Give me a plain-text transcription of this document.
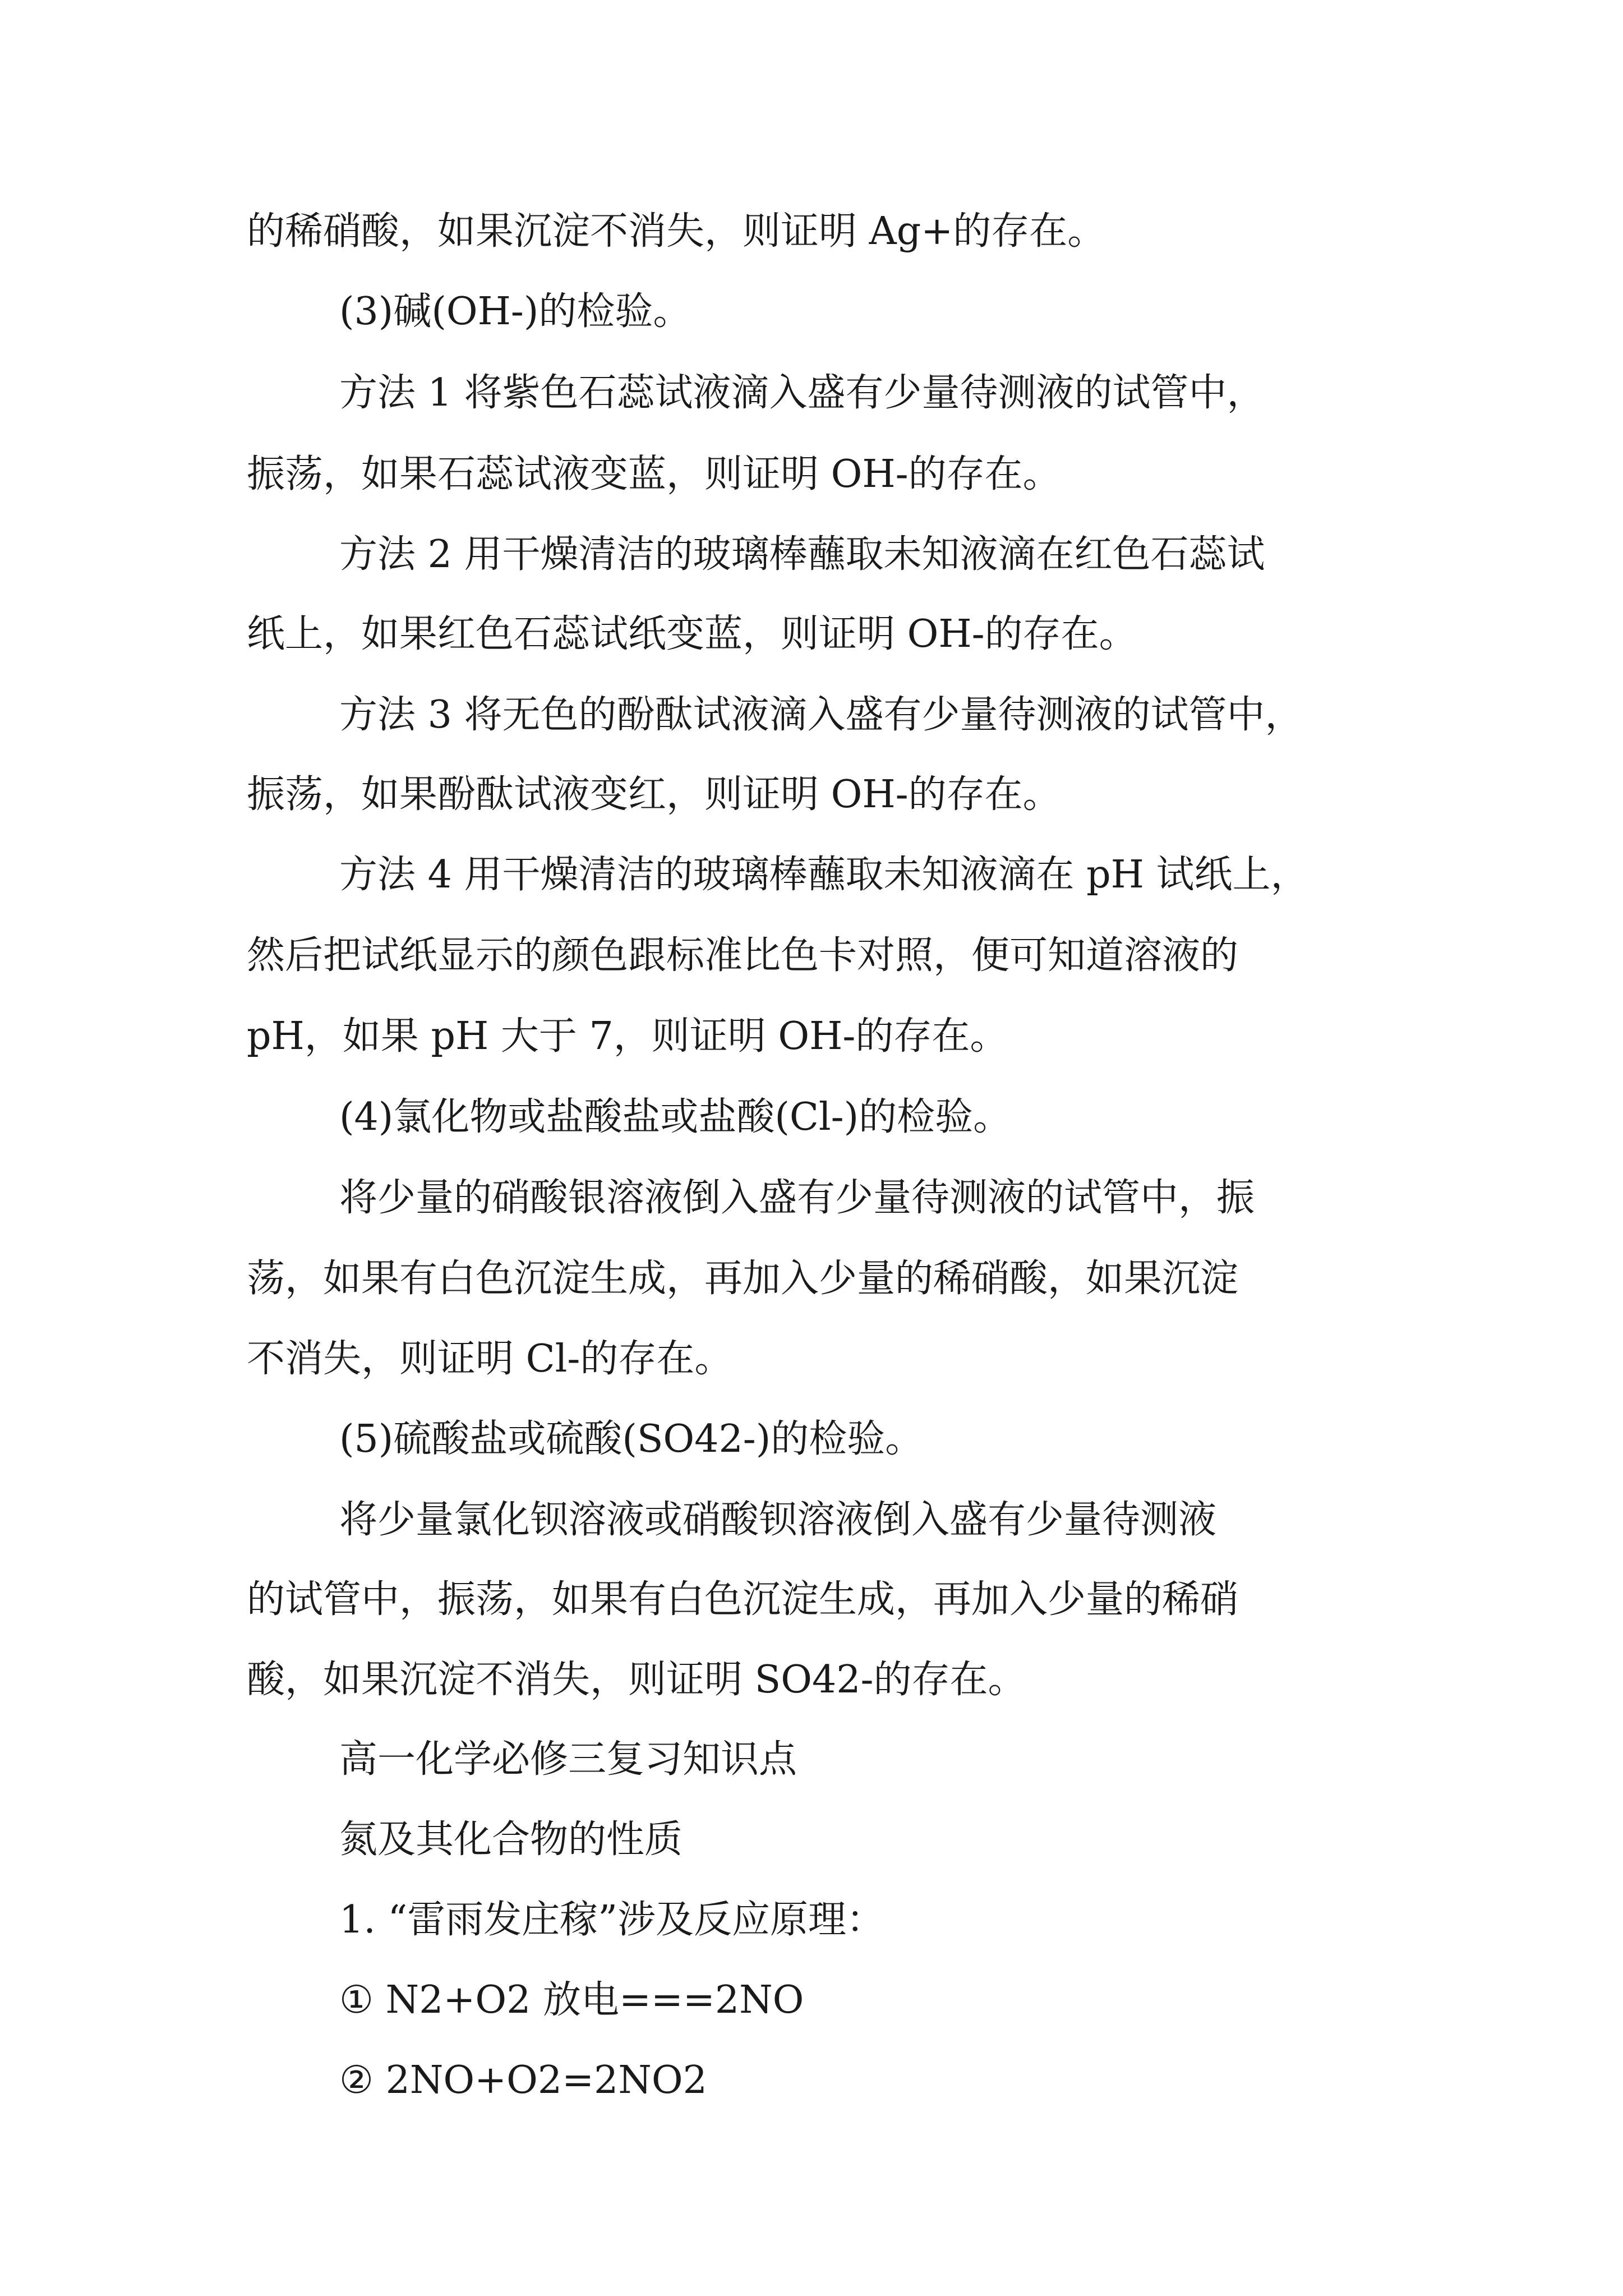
的稀硝酸，如果沉淀不消失，则证明 Ag+的存在。
(3)碱(OH-)的检验。
方法 1 将紫色石蕊试液滴入盛有少量待测液的试管中，
振荡，如果石蕊试液变蓝，则证明 OH-的存在。
方法 2 用干燥清洁的玻璃棒蘸取未知液滴在红色石蕊试
纸上，如果红色石蕊试纸变蓝，则证明 OH-的存在。
方法 3 将无色的酚酞试液滴入盛有少量待测液的试管中，
振荡，如果酚酞试液变红，则证明 OH-的存在。
方法 4 用干燥清洁的玻璃棒蘸取未知液滴在 pH 试纸上，
然后把试纸显示的颜色跟标准比色卡对照，便可知道溶液的
pH，如果 pH 大于 7，则证明 OH-的存在。
(4)氯化物或盐酸盐或盐酸(Cl-)的检验。
将少量的硝酸银溶液倒入盛有少量待测液的试管中，振
荡，如果有白色沉淀生成，再加入少量的稀硝酸，如果沉淀
不消失，则证明 Cl-的存在。
(5)硫酸盐或硫酸(SO42-)的检验。
将少量氯化钡溶液或硝酸钡溶液倒入盛有少量待测液
的试管中，振荡，如果有白色沉淀生成，再加入少量的稀硝
酸，如果沉淀不消失，则证明 SO42-的存在。
高一化学必修三复习知识点
氮及其化合物的性质
1. “雷雨发庄稼”涉及反应原理：
① N2+O2 放电===2NO
② 2NO+O2=2NO2
